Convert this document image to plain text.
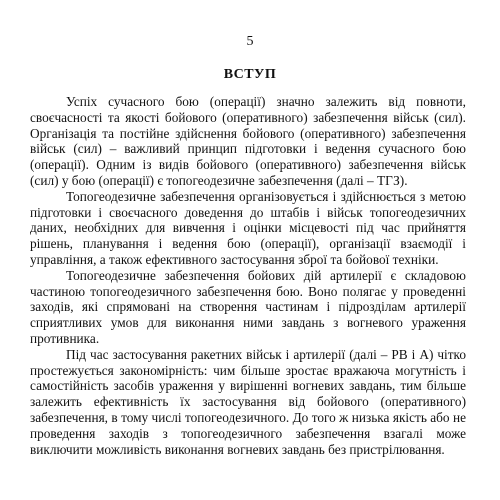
5
ВСТУП

Успіх сучасного бою (операції) значно залежить від повноти, своєчасності та якості бойового (оперативного) забезпечення військ (сил). Організація та постійне здійснення бойового (оперативного) забезпечення військ (сил) – важливий принцип підготовки і ведення сучасного бою (операції). Одним із видів бойового (оперативного) забезпечення військ (сил) у бою (операції) є топогеодезичне забезпечення (далі – ТГЗ).

Топогеодезичне забезпечення організовується і здійснюється з метою підготовки і своєчасного доведення до штабів і військ топогеодезичних даних, необхідних для вивчення і оцінки місцевості під час прийняття рішень, планування і ведення бою (операції), організації взаємодії і управління, а також ефективного застосування зброї та бойової техніки.

Топогеодезичне забезпечення бойових дій артилерії є складовою частиною топогеодезичного забезпечення бою. Воно полягає у проведенні заходів, які спрямовані на створення частинам і підрозділам артилерії сприятливих умов для виконання ними завдань з вогневого ураження противника.

Під час застосування ракетних військ і артилерії (далі – РВ і А) чітко простежується закономірність: чим більше зростає вражаюча могутність і самостійність засобів ураження у вирішенні вогневих завдань, тим більше залежить ефективність їх застосування від бойового (оперативного) забезпечення, в тому числі топогеодезичного. До того ж низька якість або не проведення заходів з топогеодезичного забезпечення взагалі може виключити можливість виконання вогневих завдань без пристрілювання.
